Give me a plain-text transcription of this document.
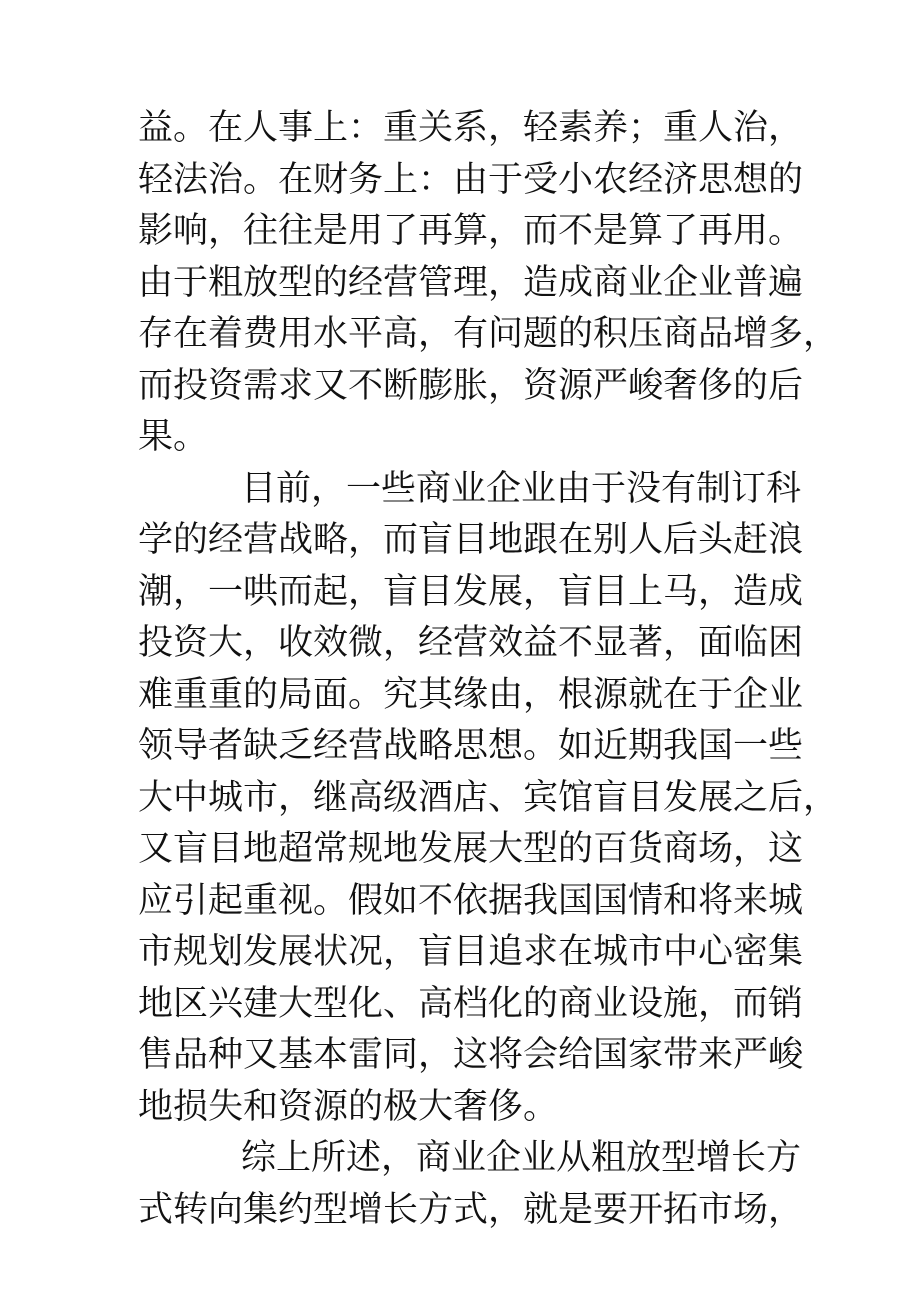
益。在人事上：重关系，轻素养；重人治，
轻法治。在财务上：由于受小农经济思想的
影响，往往是用了再算，而不是算了再用。
由于粗放型的经营管理，造成商业企业普遍
存在着费用水平高，有问题的积压商品增多，
而投资需求又不断膨胀，资源严峻奢侈的后
果。
目前，一些商业企业由于没有制订科
学的经营战略，而盲目地跟在别人后头赶浪
潮，一哄而起，盲目发展，盲目上马，造成
投资大，收效微，经营效益不显著，面临困
难重重的局面。究其缘由，根源就在于企业
领导者缺乏经营战略思想。如近期我国一些
大中城市，继高级酒店、宾馆盲目发展之后，
又盲目地超常规地发展大型的百货商场，这
应引起重视。假如不依据我国国情和将来城
市规划发展状况，盲目追求在城市中心密集
地区兴建大型化、高档化的商业设施，而销
售品种又基本雷同，这将会给国家带来严峻
地损失和资源的极大奢侈。
综上所述，商业企业从粗放型增长方
式转向集约型增长方式，就是要开拓市场，
